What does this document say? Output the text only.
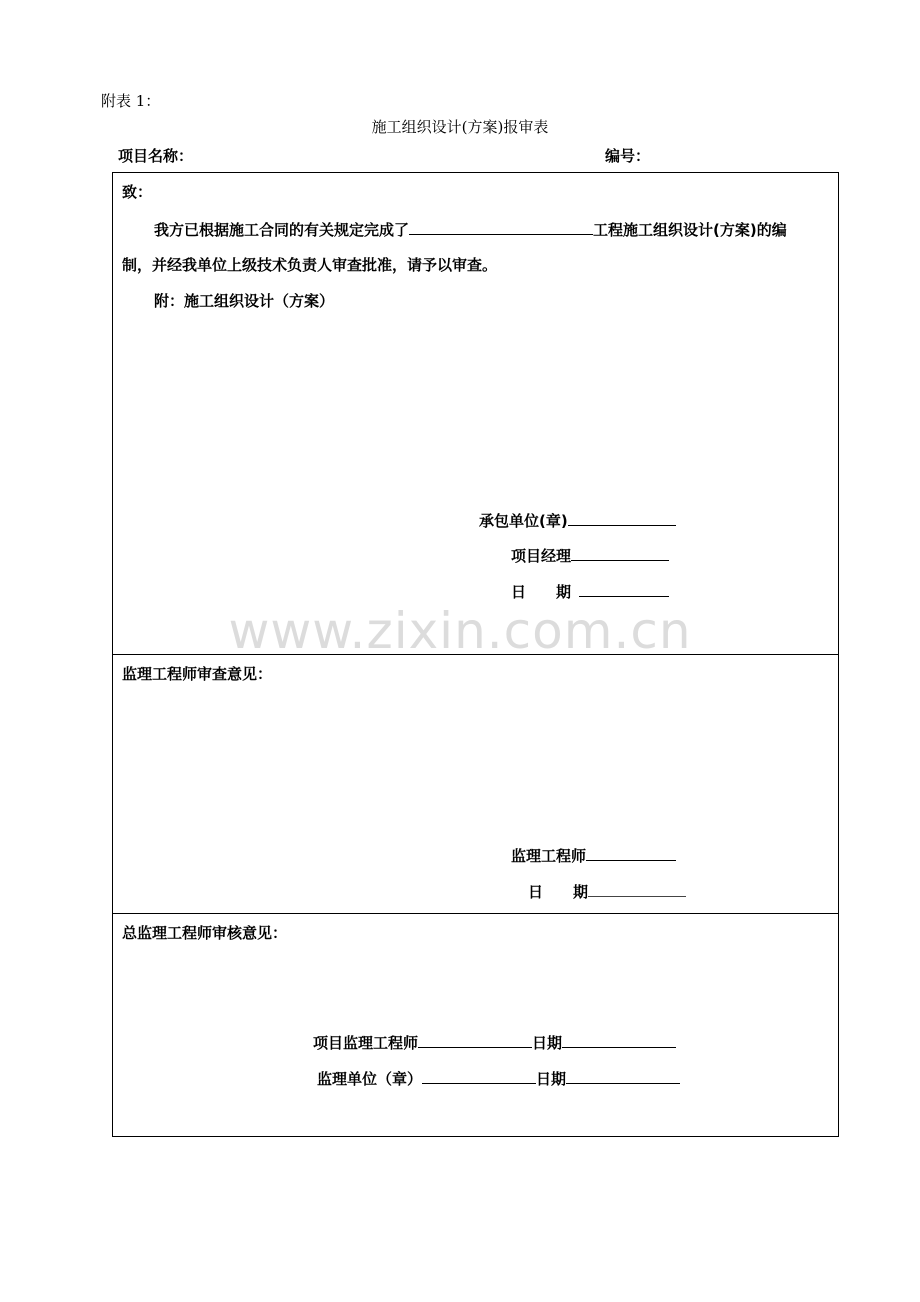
附表 1：
施工组织设计(方案)报审表
项目名称：	编号：
致：
我方已根据施工合同的有关规定完成了	工程施工组织设计(方案)的编
制，并经我单位上级技术负责人审查批准，请予以审查。
附：施工组织设计（方案）
承包单位(章)
项目经理
日　　期
监理工程师审查意见：
监理工程师
日　　期
总监理工程师审核意见：
项目监理工程师	日期
监理单位（章）	日期
www.zixin.com.cn
